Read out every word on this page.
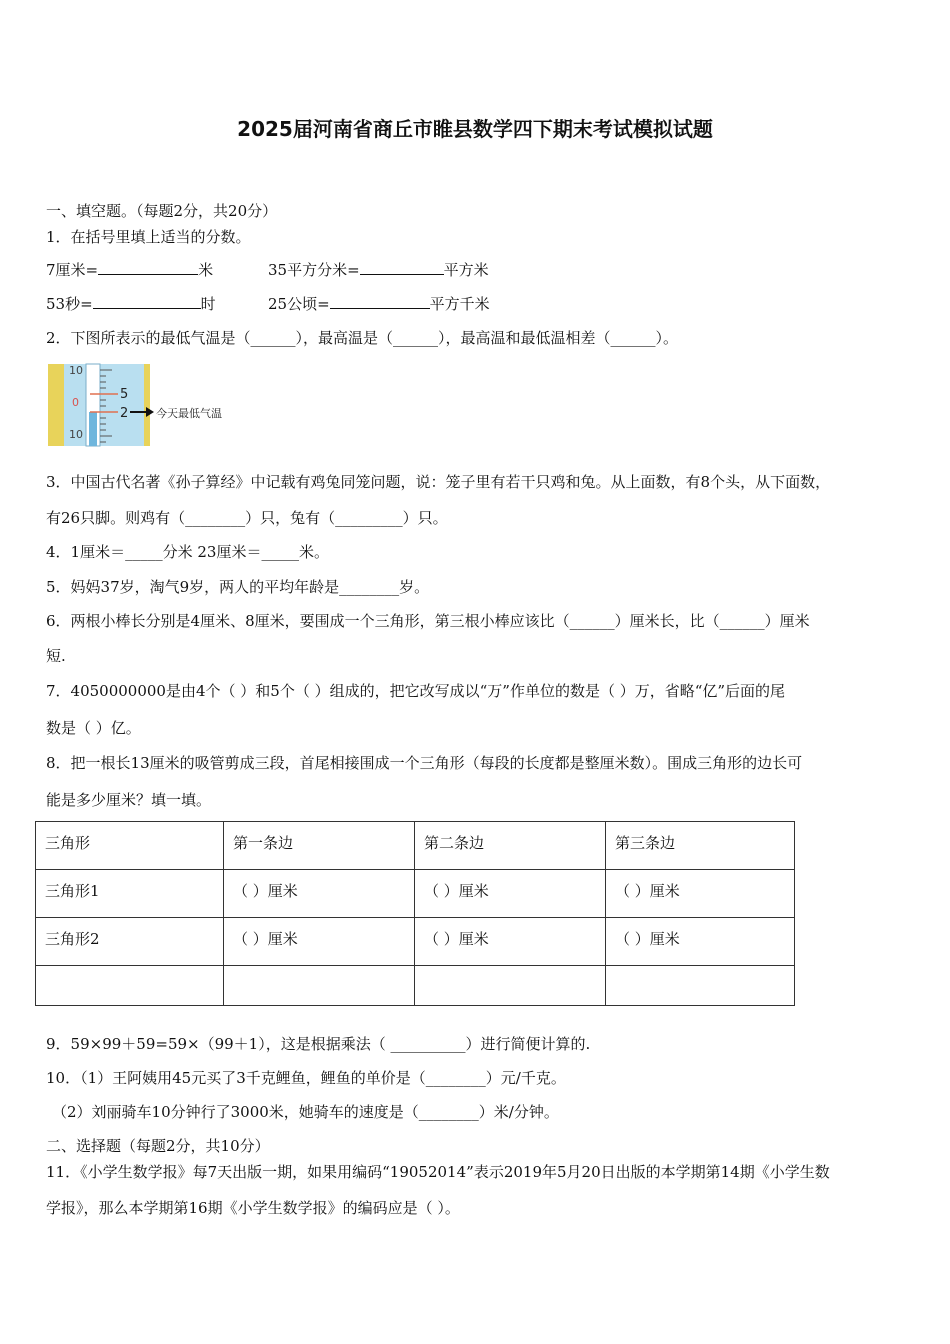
2025届河南省商丘市睢县数学四下期末考试模拟试题
一、填空题。（每题2分，共20分）
1．在括号里填上适当的分数。
7厘米=	米	35平方分米=	平方米
53秒=	时	25公顷=	平方千米
2．下图所表示的最低气温是（______），最高温是（______），最高温和最低温相差（______）。
10
0
10
5
2	今天最低气温
3．中国古代名著《孙子算经》中记载有鸡兔同笼问题，说：笼子里有若干只鸡和兔。从上面数，有8个头，从下面数，
有26只脚。则鸡有（________）只，兔有（_________）只。
4．1厘米＝_____分米 23厘米＝_____米。
5．妈妈37岁，淘气9岁，两人的平均年龄是________岁。
6．两根小棒长分别是4厘米、8厘米，要围成一个三角形，第三根小棒应该比（______）厘米长，比（______）厘米
短.
7．4050000000是由4个（ ）和5个（ ）组成的，把它改写成以“万”作单位的数是（ ）万，省略“亿”后面的尾
数是（ ）亿。
8．把一根长13厘米的吸管剪成三段，首尾相接围成一个三角形（每段的长度都是整厘米数）。围成三角形的边长可
能是多少厘米？填一填。
三角形	第一条边	第二条边	第三条边
三角形1	（ ）厘米	（ ）厘米	（ ）厘米
三角形2	（ ）厘米	（ ）厘米	（ ）厘米

9．59×99＋59=59×（99＋1），这是根据乘法（ __________）进行简便计算的.
10．（1）王阿姨用45元买了3千克鲤鱼，鲤鱼的单价是（________）元/千克。
（2）刘丽骑车10分钟行了3000米，她骑车的速度是（________）米/分钟。
二、选择题（每题2分，共10分）
11．《小学生数学报》每7天出版一期，如果用编码“19052014”表示2019年5月20日出版的本学期第14期《小学生数
学报》，那么本学期第16期《小学生数学报》的编码应是（ ）。
